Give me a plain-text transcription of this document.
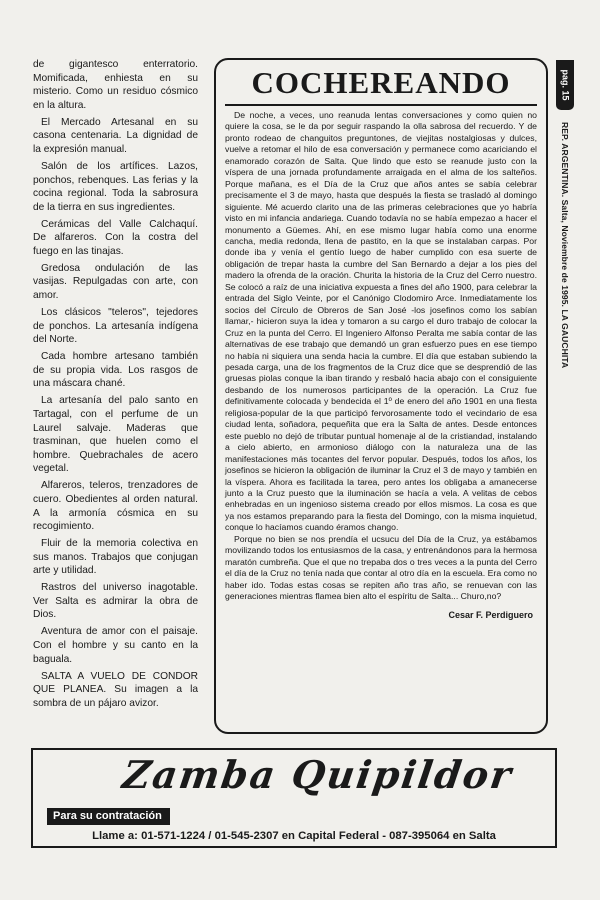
de gigantesco enterratorio. Momificada, enhiesta en su misterio. Como un residuo cósmico en la altura.

El Mercado Artesanal en su casona centenaria. La dignidad de la expresión manual.

Salón de los artífices. Lazos, ponchos, rebenques. Las ferias y la cocina regional. Toda la sabrosura de la tierra en sus ingredientes.

Cerámicas del Valle Calchaquí. De alfareros. Con la costra del fuego en las tinajas.

Gredosa ondulación de las vasijas. Repulgadas con arte, con amor.

Los clásicos "teleros", tejedores de ponchos. La artesanía indígena del Norte.

Cada hombre artesano también de su propia vida. Los rasgos de una máscara chané.

La artesanía del palo santo en Tartagal, con el perfume de un Laurel salvaje. Maderas que trasminan, que huelen como el hombre. Quebrachales de acero vegetal.

Alfareros, teleros, trenzadores de cuero. Obedientes al orden natural. A la armonía cósmica en su recogimiento.

Fluir de la memoria colectiva en sus manos. Trabajos que conjugan arte y utilidad.

Rastros del universo inagotable. Ver Salta es admirar la obra de Dios.

Aventura de amor con el paisaje. Con el hombre y su canto en la baguala.

SALTA A VUELO DE CONDOR QUE PLANEA. Su imagen a la sombra de un pájaro avizor.

COCHEREANDO

De noche, a veces, uno reanuda lentas conversaciones y como quien no quiere la cosa, se le da por seguir raspando la olla sabrosa del recuerdo. Y de pronto rodeao de changuitos preguntones, de viejitas nostalgiosas y dulces, vuelve a retomar el hilo de esa conversación y permanece como acariciando el enamorado corazón de Salta. Que lindo que esto se reanude justo con la víspera de una jornada profundamente arraigada en el alma de los salteños. Porque mañana, es el Día de la Cruz que años antes se sabía celebrar precisamente el 3 de mayo, hasta que después la fiesta se trasladó al domingo siguiente. Mé acuerdo clarito una de las primeras celebraciones que yo habría visto en mi infancia andariega. Cuando todavía no se había empezao a hacer el monumento a Güemes. Ahí, en ese mismo lugar había como una enorme cancha, media redonda, llena de pastito, en la que se instalaban carpas. Por donde iba y venía el gentío luego de haber cumplido con esa suerte de obligación de trepar hasta la cumbre del San Bernardo a dejar a los pies del madero la ofrenda de la oración. Churita la historia de la Cruz del Cerro nuestro. Se colocó a raíz de una iniciativa expuesta a fines del año 1900, para celebrar la entrada del Siglo Veinte, por el Canónigo Clodomiro Arce. Inmediatamente los socios del Círculo de Obreros de San José -los josefinos como los sabían llamar,- hicieron suya la idea y tomaron a su cargo el duro trabajo de colocar la Cruz en la punta del Cerro. El Ingeniero Alfonso Peralta me sabía contar de las alternativas de ese trabajo que demandó un gran esfuerzo pues en ese tiempo no había ni siquiera una senda hacia la cumbre. El día que estaban subiendo la pesada carga, una de los fragmentos de la Cruz dice que se desprendió de las gruesas piolas conque la iban tirando y resbaló hacia abajo con el consiguiente desbando de los numerosos participantes de la operación. La Cruz fue definitivamente colocada y bendecida el 1º de enero del año 1901 en una fiesta religiosa-popular de la que participó fervorosamente todo el vecindario de esa ciudad lenta, soñadora, pequeñita que era la Salta de antes. Desde entonces este pueblo no dejó de tributar puntual homenaje al de la cristiandad, instalando a cielo abierto, en armonioso diálogo con la naturaleza una de las manifestaciones más tocantes del fervor popular. Después, todos los años, los josefinos se hicieron la obligación de iluminar la Cruz el 3 de mayo y también en la víspera. Ahora es facilitada la tarea, pero antes los obligaba a amanecerse junto a la Cruz puesto que la iluminación se hacía a vela. A velitas de cebos enhebradas en un ingenioso sistema creado por ellos mismos. La cosa es que ya nos estamos preparando para la fiesta del Domingo, con la misma inquietud, conque lo hacíamos cuando éramos chango.

Porque no bien se nos prendía el ucsucu del Día de la Cruz, ya estábamos movilizando todos los entusiasmos de la casa, y entrenándonos para la hermosa maratón cumbreña. Que el que no trepaba dos o tres veces a la punta del Cerro el día de la Cruz no tenía nada que contar al otro día en la escuela. Era como no haber ido. Todas estas cosas se repiten año tras año, se renuevan con las generaciones mientras flamea bien alto el espíritu de Salta... Churo,no?

Cesar F. Perdiguero
pag. 15
REP. ARGENTINA. Salta, Noviembre de 1995. LA GAUCHITA
Zamba Quipildor
Para su contratación
Llame a: 01-571-1224 / 01-545-2307 en Capital Federal - 087-395064 en Salta
